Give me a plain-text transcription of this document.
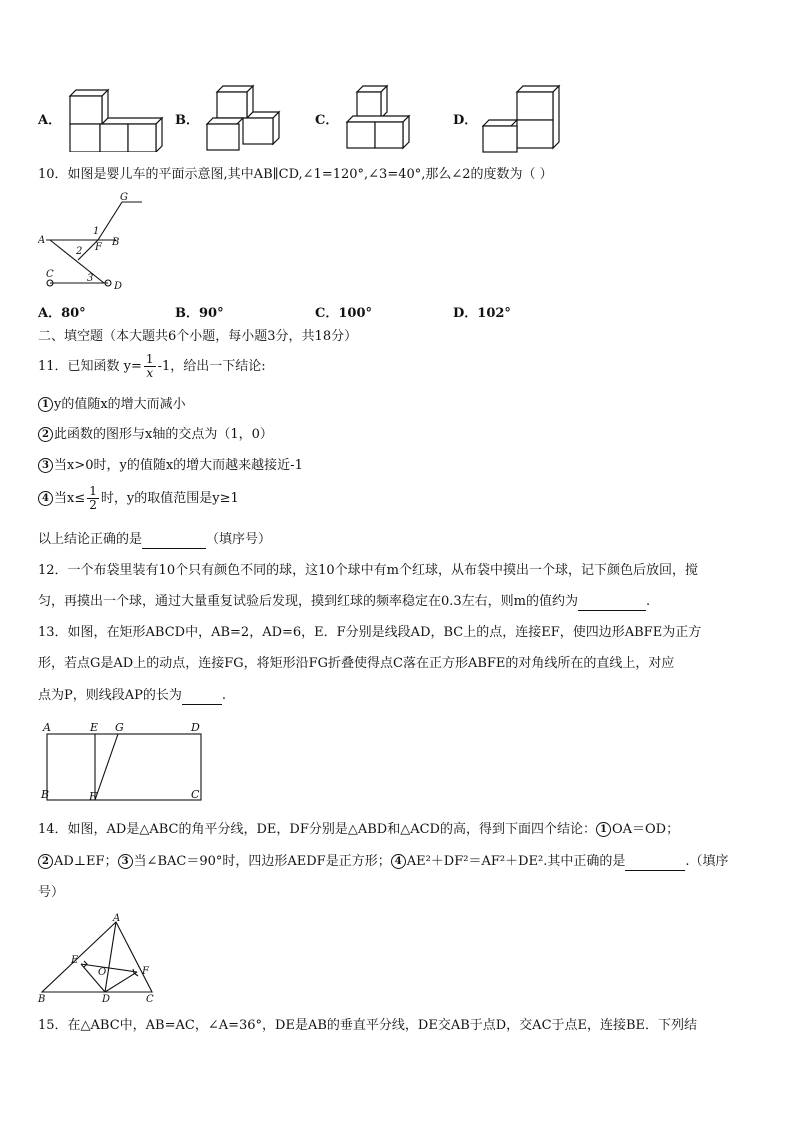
A．	B．	C．	D．
10．如图是婴儿车的平面示意图,其中AB∥CD,∠1=120°,∠3=40°,那么∠2的度数为（ ）
G
A
1
F B
2
C	3
D
A．80°	B．90°	C．100°	D．102°
二、填空题（本大题共6个小题，每小题3分，共18分）
11．已知函数 $y= \frac{1}{x} -1$，给出一下结论:
1 y的值随x的增大而减小
2 此函数的图形与x轴的交点为（1，0）
3 当x>0时，y的值随x的增大而越来越接近-1
4 当$x\le \frac{1}{2}$ 时，y的取值范围是y≥1
以上结论正确的是	（填序号）
12．一个布袋里装有10个只有颜色不同的球，这10个球中有m个红球，从布袋中摸出一个球，记下颜色后放回，搅
匀，再摸出一个球，通过大量重复试验后发现，摸到红球的频率稳定在0.3左右，则m的值约为	.
13．如图，在矩形ABCD中，AB=2，AD=6，E．F分别是线段AD，BC上的点，连接EF，使四边形ABFE为正方
形，若点G是AD上的动点，连接FG，将矩形沿FG折叠使得点C落在正方形ABFE的对角线所在的直线上，对应
点为P，则线段AP的长为	.
A	E G	D
B	F	C
14．如图，AD是△ABC的角平分线，DE，DF分别是△ABD和△ACD的高，得到下面四个结论： 1 OA＝OD；
2 AD⊥EF； 3 当∠BAC＝90°时，四边形AEDF是正方形； 4 AE²＋DF²＝AF²＋DE².其中正确的是	.（填序
号）
A
E
O	F
B	D	C
15．在△ABC中，AB=AC，∠A=36°，DE是AB的垂直平分线，DE交AB于点D，交AC于点E，连接BE．下列结
